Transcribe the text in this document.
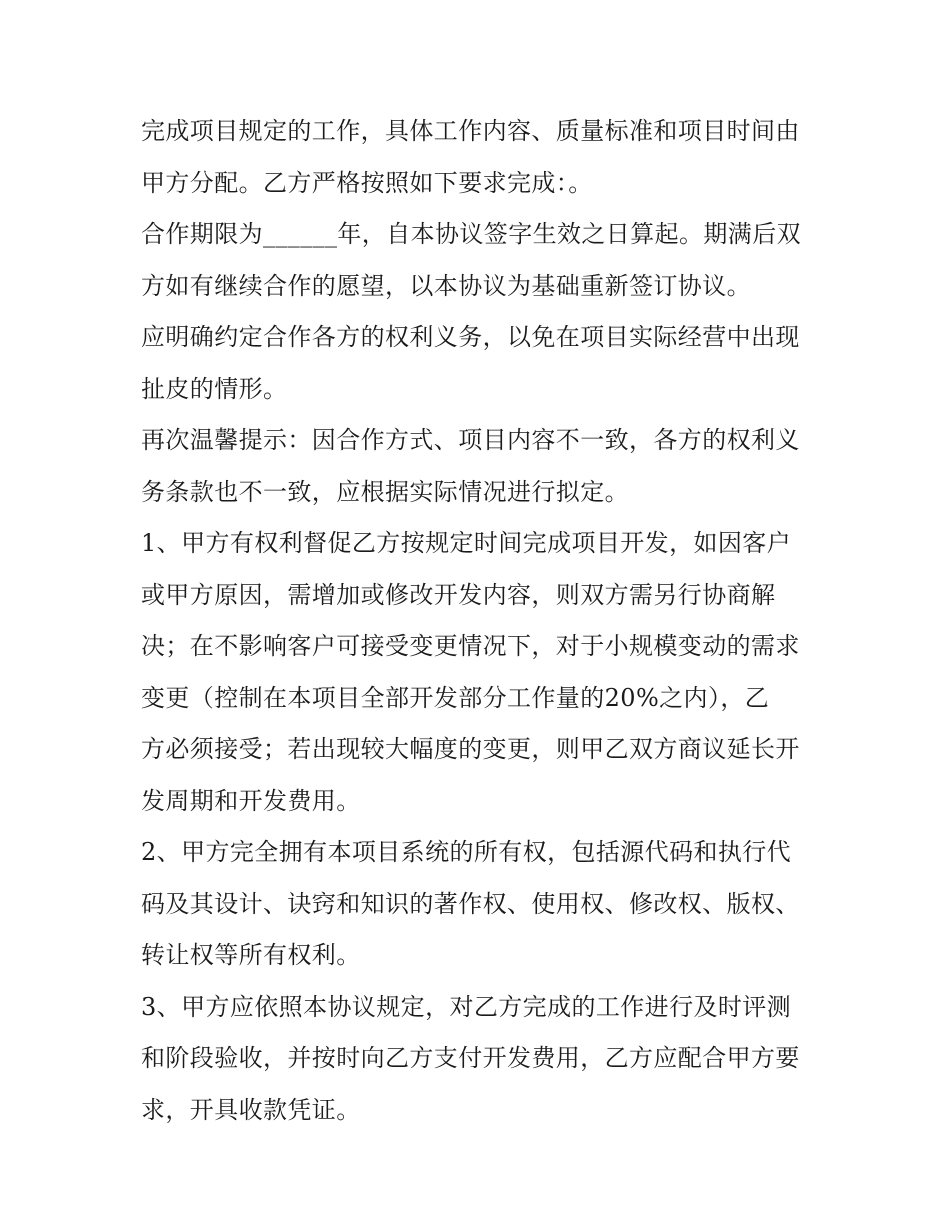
完成项目规定的工作，具体工作内容、质量标准和项目时间由
甲方分配。乙方严格按照如下要求完成：。

合作期限为______年，自本协议签字生效之日算起。期满后双
方如有继续合作的愿望，以本协议为基础重新签订协议。

应明确约定合作各方的权利义务，以免在项目实际经营中出现
扯皮的情形。

再次温馨提示：因合作方式、项目内容不一致，各方的权利义
务条款也不一致，应根据实际情况进行拟定。

1、甲方有权利督促乙方按规定时间完成项目开发，如因客户
或甲方原因，需增加或修改开发内容，则双方需另行协商解
决；在不影响客户可接受变更情况下，对于小规模变动的需求
变更（控制在本项目全部开发部分工作量的20%之内），乙
方必须接受；若出现较大幅度的变更，则甲乙双方商议延长开
发周期和开发费用。

2、甲方完全拥有本项目系统的所有权，包括源代码和执行代
码及其设计、诀窍和知识的著作权、使用权、修改权、版权、
转让权等所有权利。

3、甲方应依照本协议规定，对乙方完成的工作进行及时评测
和阶段验收，并按时向乙方支付开发费用，乙方应配合甲方要
求，开具收款凭证。
